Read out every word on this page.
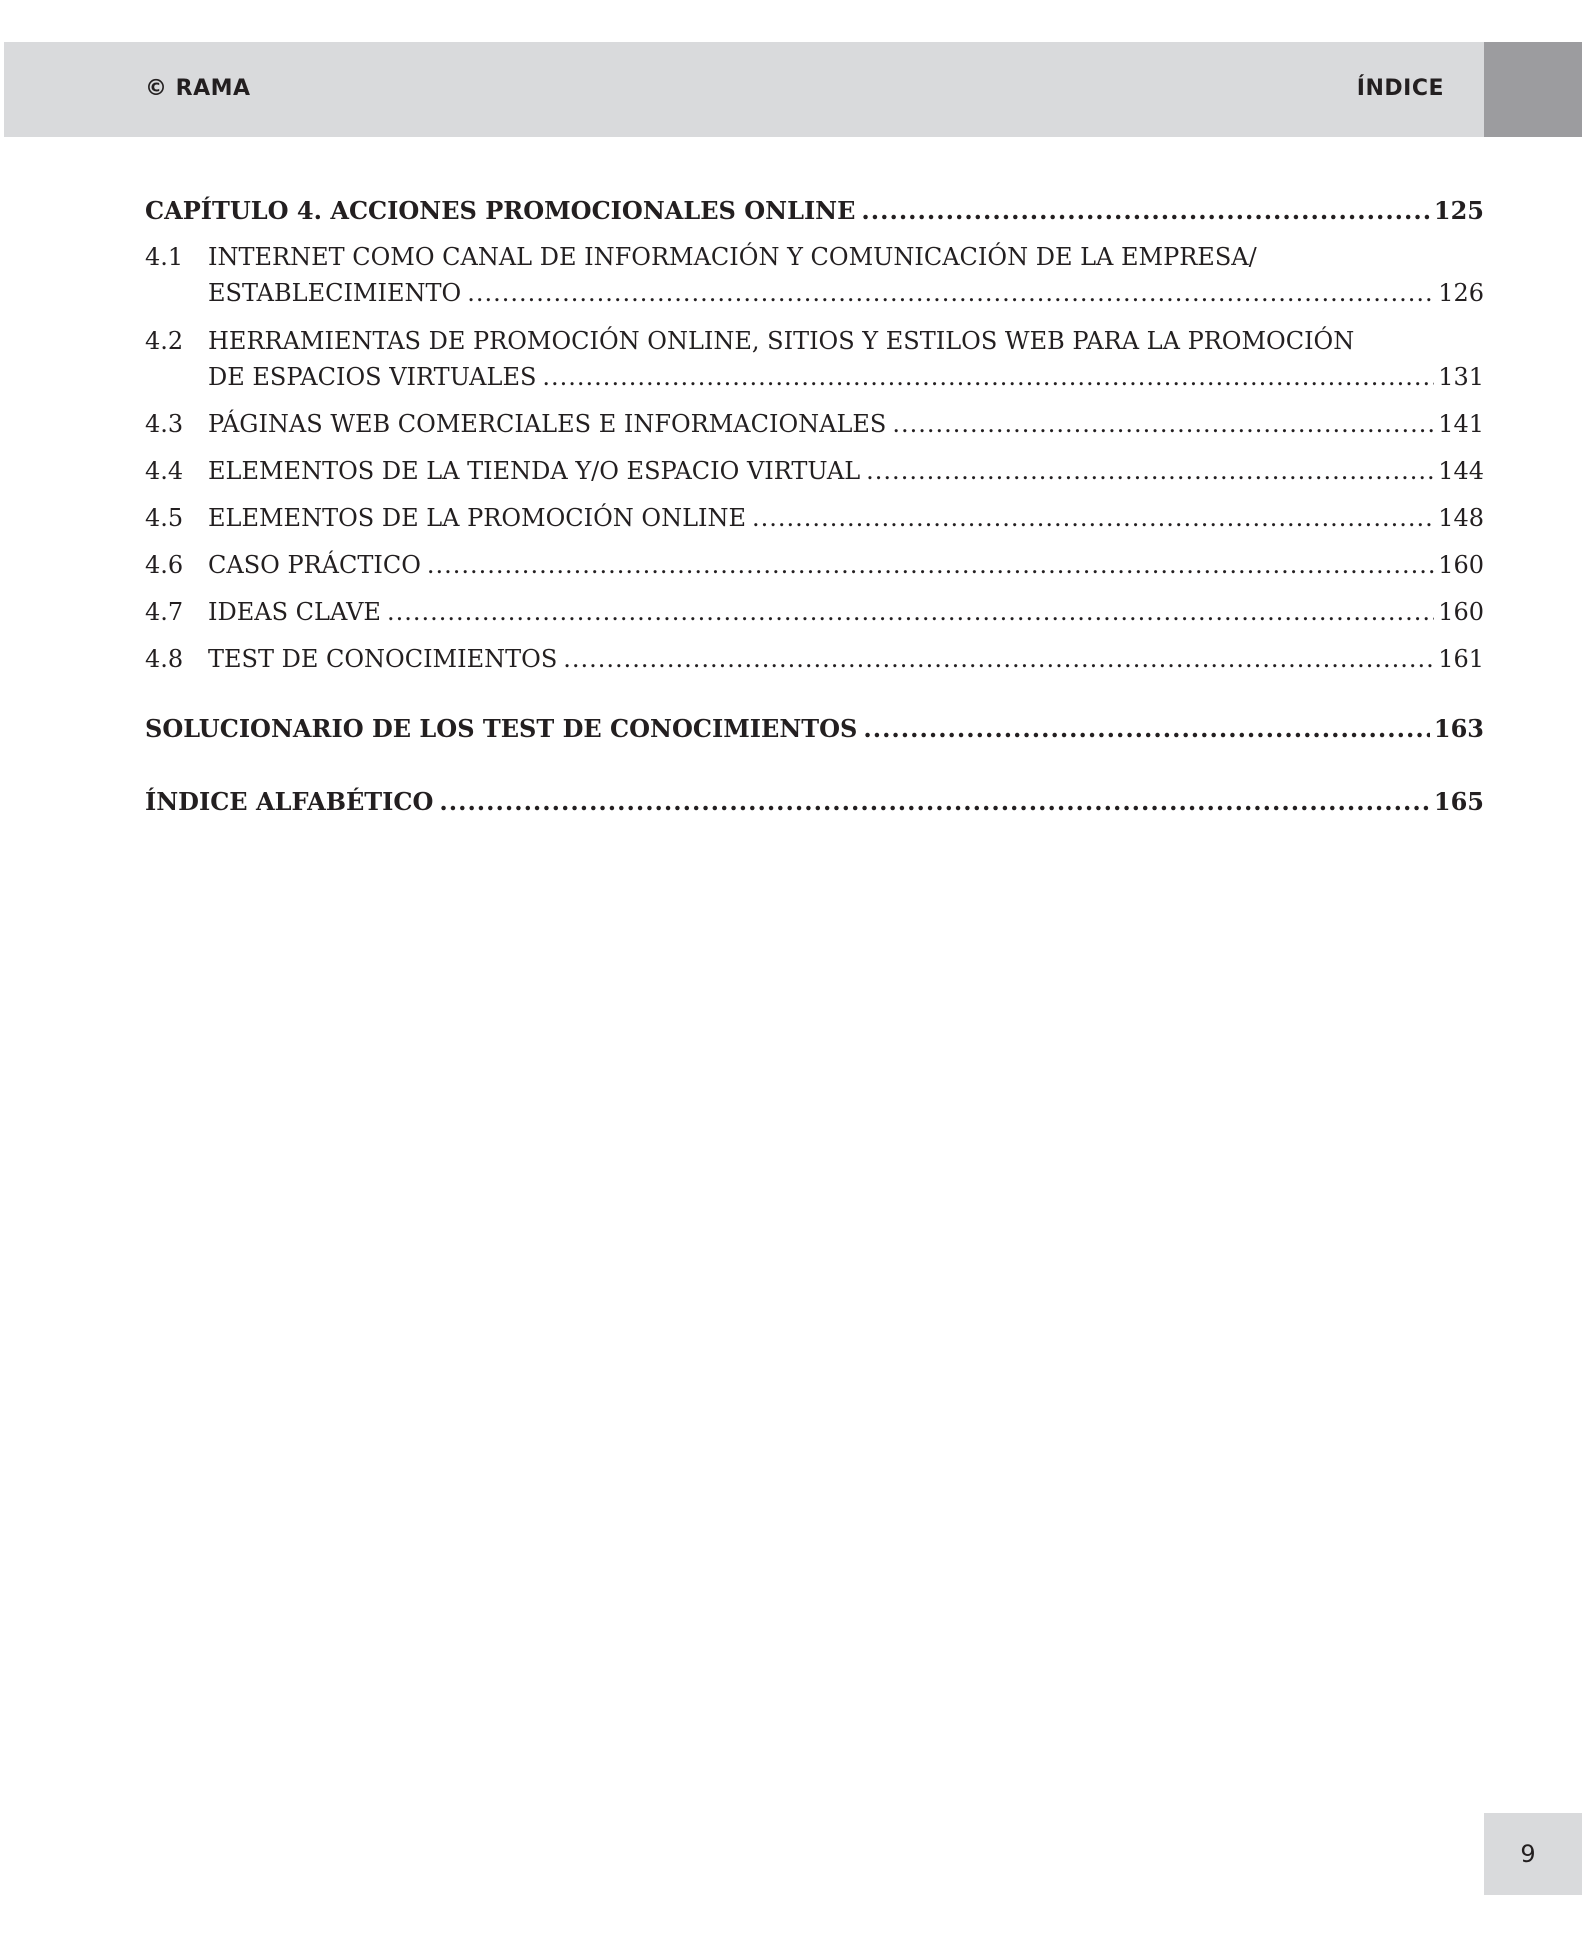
© RAMA	ÍNDICE
CAPÍTULO 4. ACCIONES PROMOCIONALES ONLINE .....	125
4.1	INTERNET COMO CANAL DE INFORMACIÓN Y COMUNICACIÓN DE LA EMPRESA/
ESTABLECIMIENTO .....	126
4.2	HERRAMIENTAS DE PROMOCIÓN ONLINE, SITIOS Y ESTILOS WEB PARA LA PROMOCIÓN
DE ESPACIOS VIRTUALES .....	131
4.3	PÁGINAS WEB COMERCIALES E INFORMACIONALES .....	141
4.4	ELEMENTOS DE LA TIENDA Y/O ESPACIO VIRTUAL .....	144
4.5	ELEMENTOS DE LA PROMOCIÓN ONLINE .....	148
4.6	CASO PRÁCTICO .....	160
4.7	IDEAS CLAVE .....	160
4.8	TEST DE CONOCIMIENTOS .....	161
SOLUCIONARIO DE LOS TEST DE CONOCIMIENTOS .....	163
ÍNDICE ALFABÉTICO .....	165
9
